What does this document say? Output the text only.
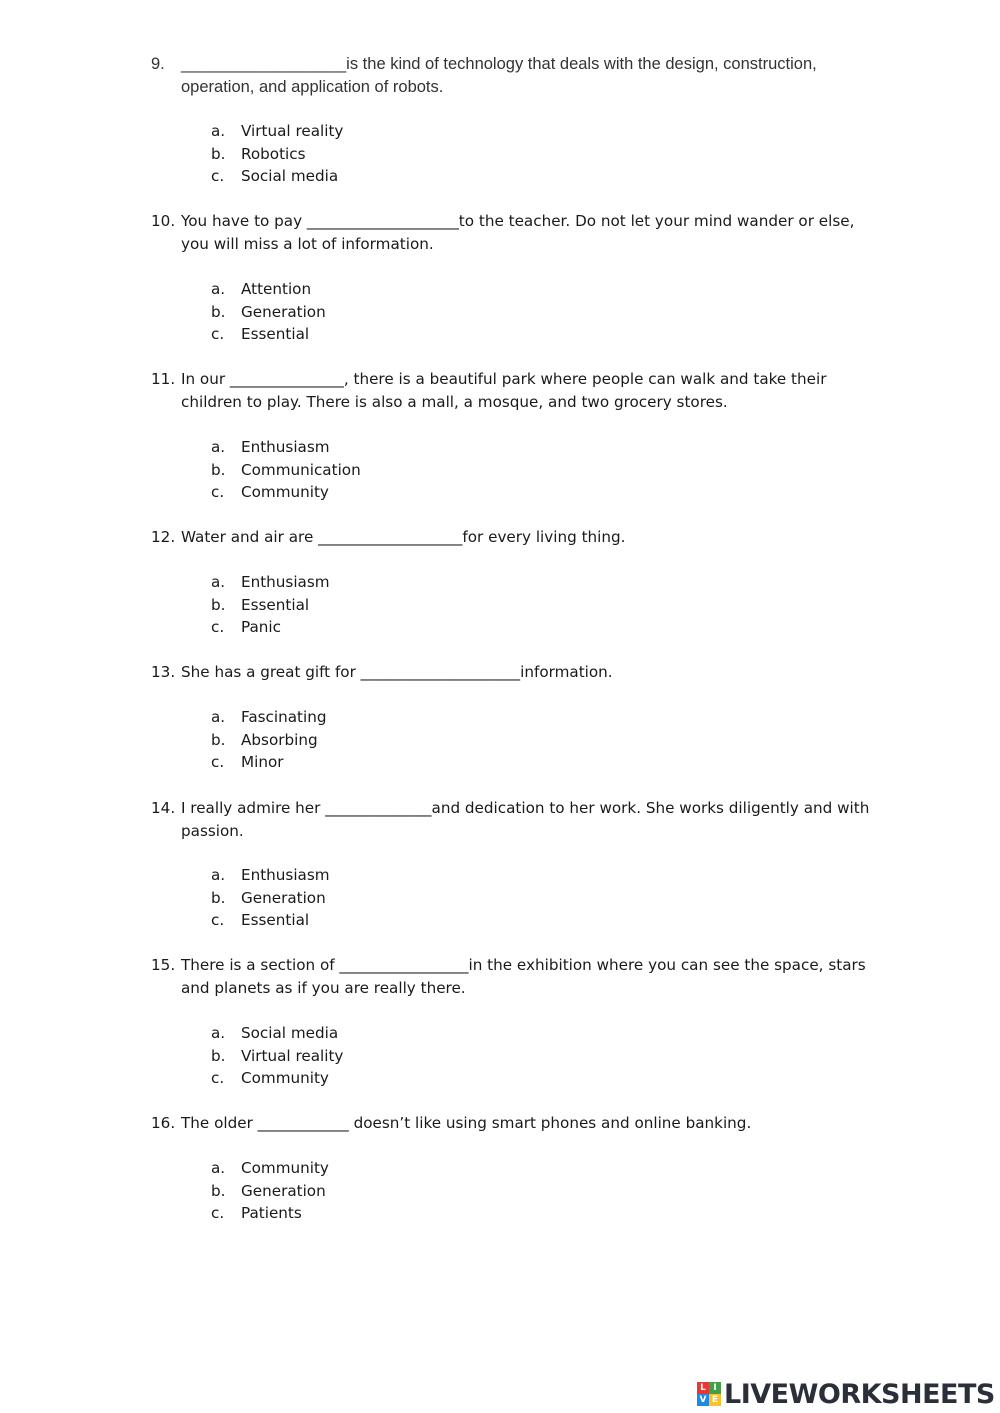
9. __________________is the kind of technology that deals with the design, construction, operation, and application of robots.
a. Virtual reality
b. Robotics
c. Social media
10. You have to pay ____________________to the teacher. Do not let your mind wander or else, you will miss a lot of information.
a. Attention
b. Generation
c. Essential
11. In our _______________, there is a beautiful park where people can walk and take their children to play. There is also a mall, a mosque, and two grocery stores.
a. Enthusiasm
b. Communication
c. Community
12. Water and air are ___________________for every living thing.
a. Enthusiasm
b. Essential
c. Panic
13. She has a great gift for _____________________information.
a. Fascinating
b. Absorbing
c. Minor
14. I really admire her ______________and dedication to her work. She works diligently and with passion.
a. Enthusiasm
b. Generation
c. Essential
15. There is a section of _________________in the exhibition where you can see the space, stars and planets as if you are really there.
a. Social media
b. Virtual reality
c. Community
16. The older ____________ doesn’t like using smart phones and online banking.
a. Community
b. Generation
c. Patients
L I
V E LIVEWORKSHEETS
